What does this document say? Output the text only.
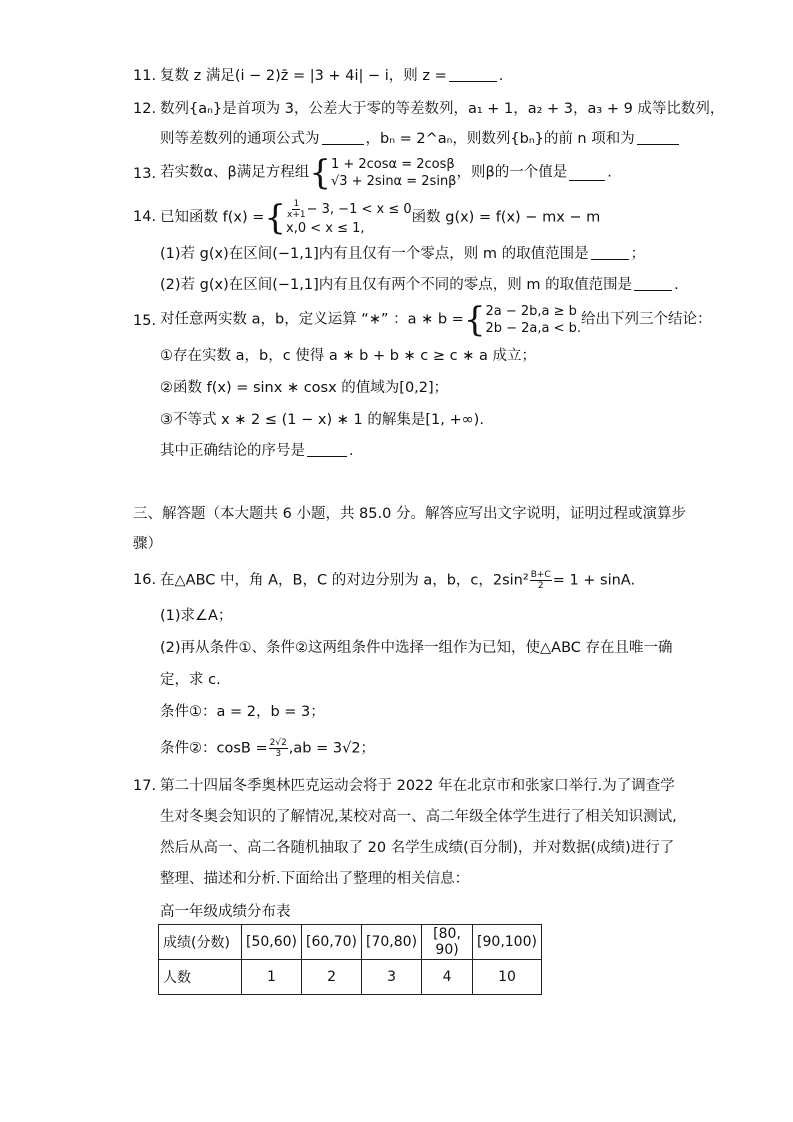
11. 复数 z 满足(i − 2)z̄ = |3 + 4i| − i，则 z =	.
12. 数列{aₙ}是首项为 3，公差大于零的等差数列，a₁ + 1，a₂ + 3，a₃ + 9 成等比数列，
则等差数列的通项公式为	，bₙ = 2^aₙ，则数列{bₙ}的前 n 项和为
13. 若实数α、β满足方程组{1 + 2cosα = 2cosβ
√3 + 2sinα = 2sinβ，则β的一个值是	.
14. 已知函数 f(x) ={ $\frac{1}{x+1} - 3$, −1 < x ≤ 0
x,0 < x ≤ 1,函数 g(x) = f(x) − mx − m
(1)若 g(x)在区间(−1,1]内有且仅有一个零点，则 m 的取值范围是	；
(2)若 g(x)在区间(−1,1]内有且仅有两个不同的零点，则 m 的取值范围是	.
15. 对任意两实数 a，b，定义运算 “∗” ：a ∗ b ={2a − 2b,a ≥ b
2b − 2a,a < b.给出下列三个结论：
①存在实数 a，b，c 使得 a ∗ b + b ∗ c ≥ c ∗ a 成立；
②函数 f(x) = sinx ∗ cosx 的值域为[0,2]；
③不等式 x ∗ 2 ≤ (1 − x) ∗ 1 的解集是[1, +∞).
其中正确结论的序号是	.
三、解答题（本大题共 6 小题，共 85.0 分。解答应写出文字说明，证明过程或演算步
骤）
16. 在△ABC 中，角 A，B，C 的对边分别为 a，b，c，$2\sin^2 \frac{B+C}{2} = 1 + \sin A$.
(1)求∠A；
(2)再从条件①、条件②这两组条件中选择一组作为已知，使△ABC 存在且唯一确
定，求 c.
条件①：a = 2，b = 3；
条件②：$\cos B = \frac{2√2}{3} ,ab = 3√2$；
17. 第二十四届冬季奥林匹克运动会将于 2022 年在北京市和张家口举行.为了调查学
生对冬奥会知识的了解情况,某校对高一、高二年级全体学生进行了相关知识测试,
然后从高一、高二各随机抽取了 20 名学生成绩(百分制)，并对数据(成绩)进行了
整理、描述和分析.下面给出了整理的相关信息：
高一年级成绩分布表
成绩(分数)	[50,60)	[60,70)	[70,80)	[80, 90)	[90,100)
人数	1	2	3	4	10
